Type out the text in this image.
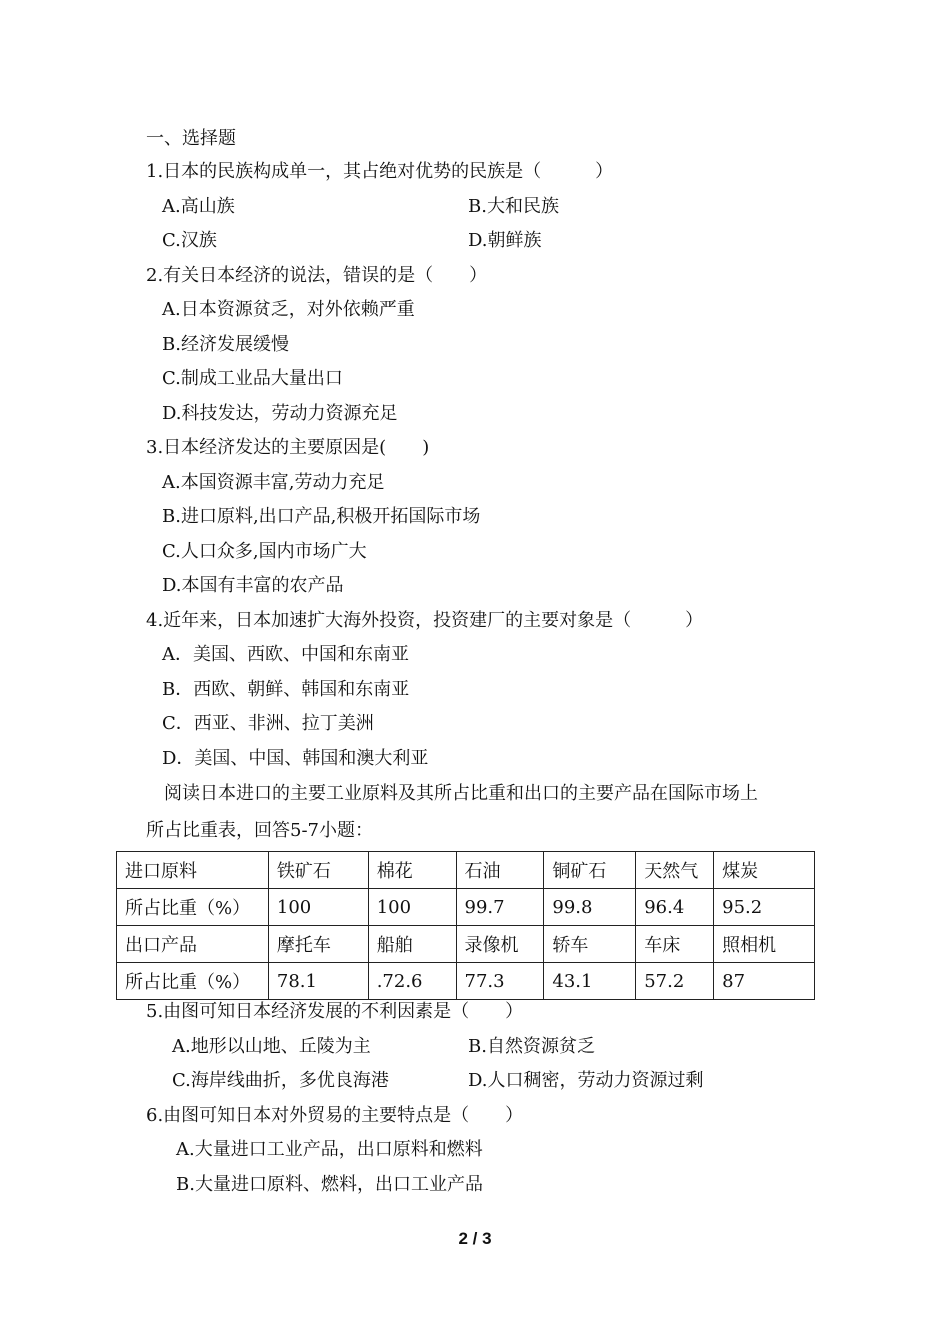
一、选择题
1.日本的民族构成单一，其占绝对优势的民族是（　　　）
A.高山族	B.大和民族
C.汉族	D.朝鲜族
2.有关日本经济的说法，错误的是（　　）
A.日本资源贫乏，对外依赖严重
B.经济发展缓慢
C.制成工业品大量出口
D.科技发达，劳动力资源充足
3.日本经济发达的主要原因是(　　)
A.本国资源丰富,劳动力充足
B.进口原料,出口产品,积极开拓国际市场
C.人口众多,国内市场广大
D.本国有丰富的农产品
4.近年来，日本加速扩大海外投资，投资建厂的主要对象是（　　　）
A．美国、西欧、中国和东南亚
B．西欧、朝鲜、韩国和东南亚
C．西亚、非洲、拉丁美洲
D．美国、中国、韩国和澳大利亚
阅读日本进口的主要工业原料及其所占比重和出口的主要产品在国际市场上
所占比重表，回答5-7小题：
进口原料	铁矿石	棉花	石油	铜矿石	天然气	煤炭
所占比重（%）	100	100	99.7	99.8	96.4	95.2
出口产品	摩托车	船舶	录像机	轿车	车床	照相机
所占比重（%）	78.1	.72.6	77.3	43.1	57.2	87
5.由图可知日本经济发展的不利因素是（　　）
A.地形以山地、丘陵为主	B.自然资源贫乏
C.海岸线曲折，多优良海港	D.人口稠密，劳动力资源过剩
6.由图可知日本对外贸易的主要特点是（　　）
A.大量进口工业产品，出口原料和燃料
B.大量进口原料、燃料，出口工业产品
2 / 3
